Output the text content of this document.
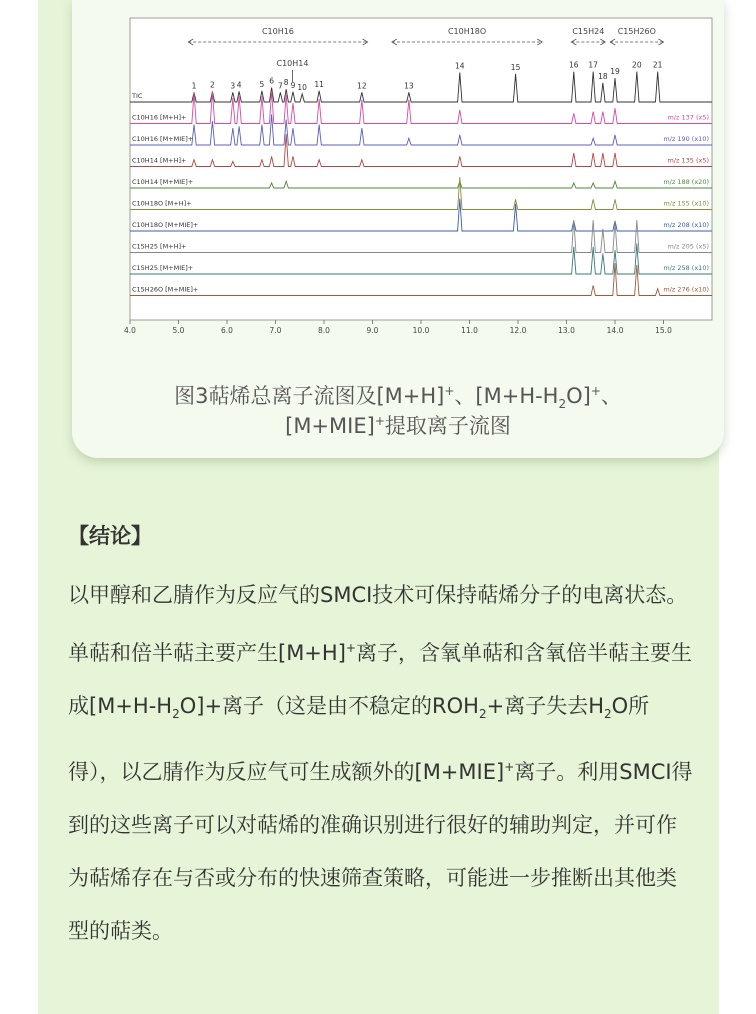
C10H16	C10H18O	C15H24 C15H26O
C10H14
TIC
C10H16 [M+H]+	m/z 137 (x5)
C10H16 [M+MIE]+	m/z 190 (x10)
C10H14 [M+H]+	m/z 135 (x5)
C10H14 [M+MIE]+	m/z 188 (x20)
C10H18O [M+H]+	m/z 155 (x10)
C10H18O [M+MIE]+	m/z 208 (x10)
C15H25 [M+H]+	m/z 205 (x5)
C15H25 [M+MIE]+	m/z 258 (x10)
C15H26O [M+MIE]+	m/z 276 (x10)
1 2 3 4 5 6
7 8 9 10 11	12	13
14	15	16 17
18
19
20 21
4.0	5.0	6.0	7.0	8.0	9.0	10.0	11.0	12.0	13.0	14.0	15.0
图3萜烯总离子流图及[M+H]+、$[M+H-H_2O]^+$、
[M+MIE]+提取离子流图
【结论】

以甲醇和乙腈作为反应气的SMCI技术可保持萜烯分子的电离状态。单萜和倍半萜主要产生[M+H]+离子，含氧单萜和含氧倍半萜主要生成$[M+H-H_2O]+$离子（这是由不稳定的$ROH_2+$离子失去$H_2O$所得），以乙腈作为反应气可生成额外的[M+MIE]+离子。利用SMCI得到的这些离子可以对萜烯的准确识别进行很好的辅助判定，并可作为萜烯存在与否或分布的快速筛查策略，可能进一步推断出其他类型的萜类。
